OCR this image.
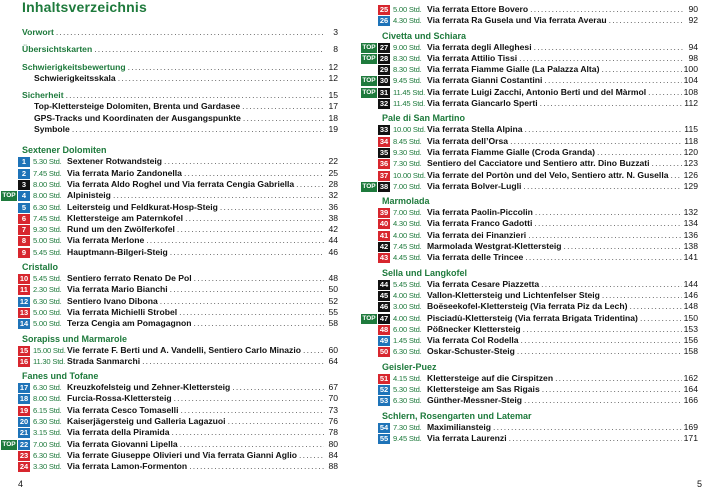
Inhaltsverzeichnis
Vorwort .....	3
Übersichtskarten .....	8
Schwierigkeitsbewertung .....	12
Schwierigkeitsskala .....	12
Sicherheit .....	15
Top-Klettersteige Dolomiten, Brenta und Gardasee .....	17
GPS-Tracks und Koordinaten der Ausgangspunkte .....	18
Symbole .....	19
Sextener Dolomiten
1 5.30 Std. Sextener Rotwandsteig .....	22
2 7.45 Std. Via ferrata Mario Zandonella .....	25
3 8.00 Std. Via ferrata Aldo Roghel und Via ferrata Cengia Gabriella .....	28
TOP 4 8.00 Std. Alpinisteig .....	32
5 6.30 Std. Leitersteig und Feldkurat-Hosp-Steig .....	36
6 7.45 Std. Klettersteige am Paternkofel .....	38
7 9.30 Std. Rund um den Zwölferkofel .....	42
8 5.00 Std. Via ferrata Merlone .....	44
9 5.45 Std. Hauptmann-Bilgeri-Steig .....	46
Cristallo
10 5.45 Std. Sentiero ferrato Renato De Pol .....	48
11 2.30 Std. Via ferrata Mario Bianchi .....	50
12 6.30 Std. Sentiero Ivano Dibona .....	52
13 5.00 Std. Via ferrata Michielli Strobel .....	55
14 5.00 Std. Terza Cengia am Pomagagnon .....	58
Sorapiss und Marmarole
15 15.00 Std.Vie ferrate F. Berti und A. Vandelli, Sentiero Carlo Minazio .....	60
16 11.30 Std. Strada Sanmarchi .....	64
Fanes und Tofane
17 6.30 Std. Kreuzkofelsteig und Zehner-Klettersteig .....	67
18 8.00 Std. Furcia-Rossa-Klettersteig .....	70
19 6.15 Std. Via ferrata Cesco Tomaselli .....	73
20 6.30 Std. Kaiserjägersteig und Galleria Lagazuoi .....	76
21 3.15 Std. Via ferrata della Piramida .....	78
TOP 22 7.00 Std. Via ferrata Giovanni Lipella .....	80
23 6.30 Std. Via ferrate Giuseppe Olivieri und Via ferrata Gianni Aglio .....	84
24 3.30 Std. Via ferrata Lamon-Formenton .....	88
4
25 5.00 Std. Via ferrata Ettore Bovero .....	90
26 4.30 Std. Via ferrata Ra Gusela und Via ferrata Averau .....	92
Civetta und Schiara
TOP 27 9.00 Std. Via ferrata degli Alleghesi .....	94
TOP 28 8.30 Std. Via ferrata Attilio Tissi .....	98
29 8.30 Std. Via ferrata Fiamme Gialle (La Palazza Alta) .....	100
TOP 30 9.45 Std. Via ferrata Gianni Costantini .....	104
TOP 31 11.45 Std. Via ferrate Luigi Zacchi, Antonio Berti und del Màrmol .....	108
32 11.45 Std. Via ferrata Giancarlo Sperti .....	112
Pale di San Martino
33 10.00 Std.Via ferrata Stella Alpina .....	115
34 8.45 Std. Via ferrata dell’Orsa .....	118
35 9.30 Std. Via ferrata Fiamme Gialle (Croda Granda) .....	120
36 7.30 Std. Sentiero del Cacciatore und Sentiero attr. Dino Buzzati .....	123
37 10.00 Std.Via ferrate del Portòn und del Velo, Sentiero attr. N. Gusella ..... 126
TOP 38 7.00 Std. Via ferrata Bolver-Lugli .....	129
Marmolada
39 7.00 Std. Via ferrata Paolin-Piccolin .....	132
40 4.30 Std. Via ferrata Franco Gadotti .....	134
41 4.00 Std. Via ferrata dei Finanzieri .....	136
42 7.45 Std. Marmolada Westgrat-Klettersteig .....	138
43 4.45 Std. Via ferrata delle Trincee .....	141
Sella und Langkofel
44 5.45 Std. Via ferrata Cesare Piazzetta .....	144
45 4.00 Std. Vallon-Klettersteig und Lichtenfelser Steig .....	146
46 3.00 Std. Boëseekofel-Klettersteig (Via ferrata Piz da Lech) .....	148
TOP 47 4.00 Std. Pisciadù-Klettersteig (Via ferrata Brigata Tridentina) .....	150
48 6.00 Std. Pößnecker Klettersteig .....	153
49 1.45 Std. Via ferrata Col Rodella .....	156
50 6.30 Std. Oskar-Schuster-Steig .....	158
Geisler-Puez
51 4.15 Std. Klettersteige auf die Cirspitzen .....	162
52 5.30 Std. Klettersteige am Sas Rigais .....	164
53 6.30 Std. Günther-Messner-Steig .....	166
Schlern, Rosengarten und Latemar
54 7.30 Std. Maximiliansteig .....	169
55 9.45 Std. Via ferrata Laurenzi .....	171
5
